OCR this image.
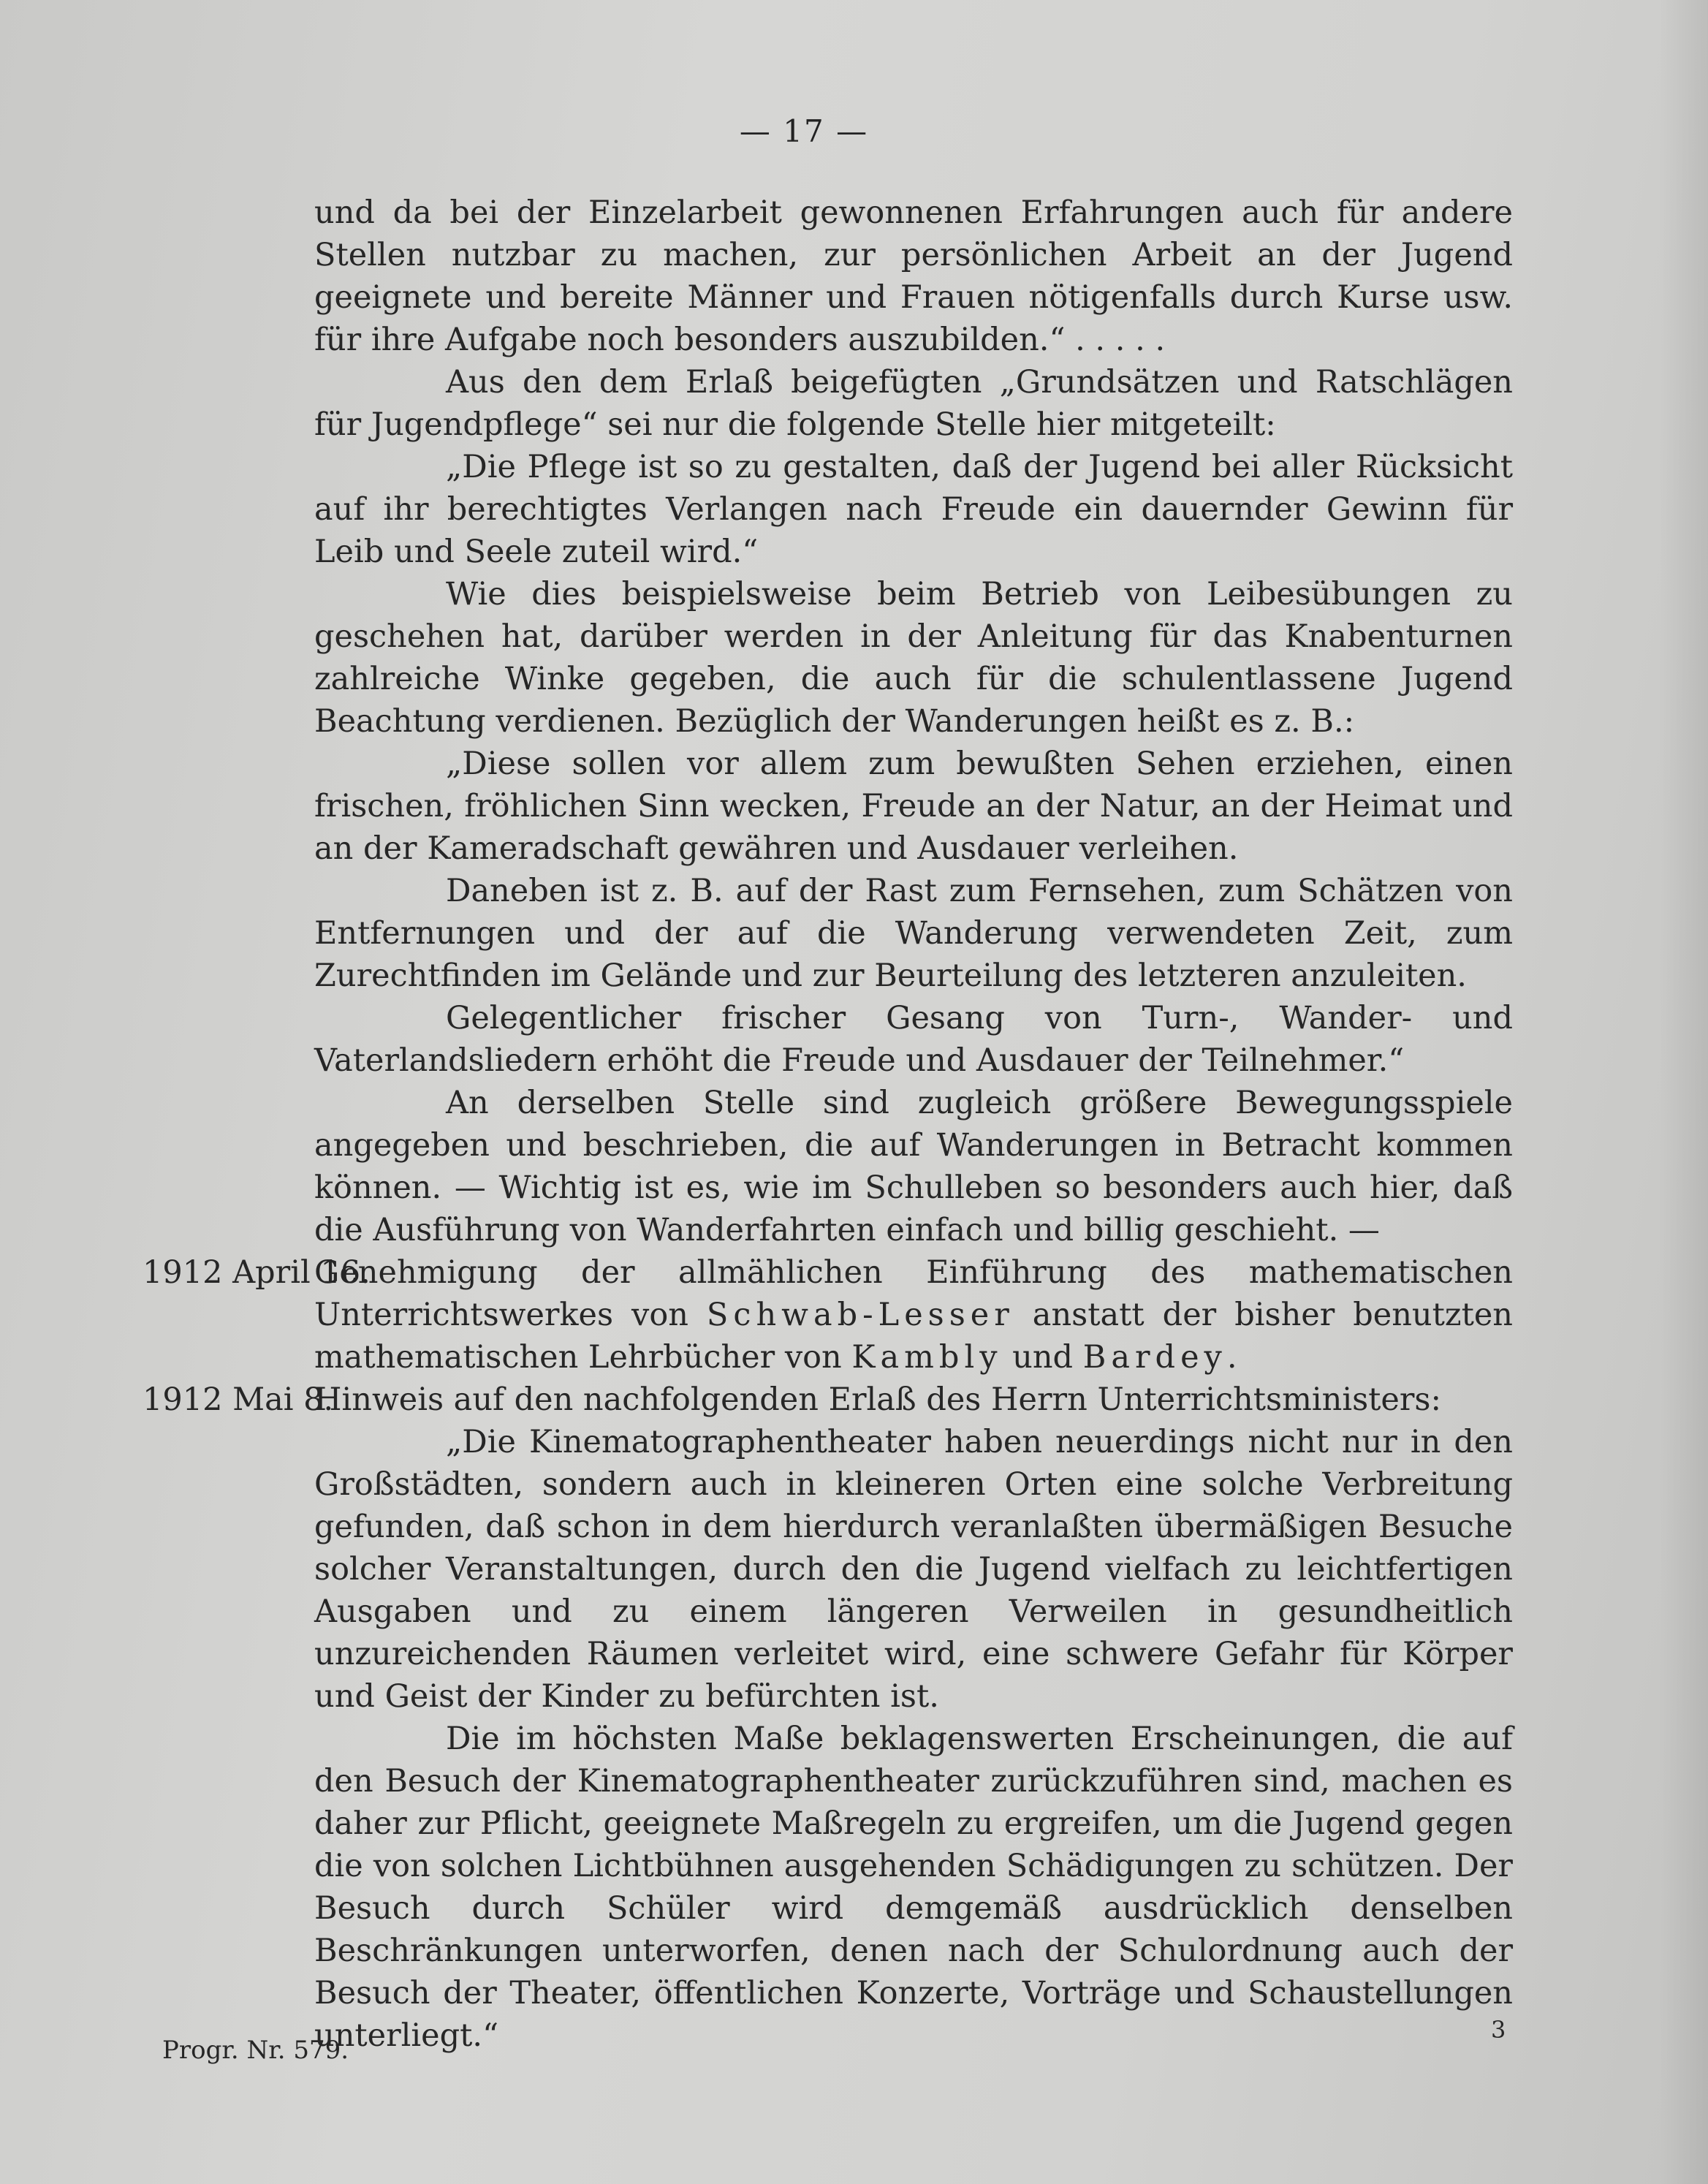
— 17 —

und da bei der Einzelarbeit gewonnenen Erfahrungen auch für andere Stellen nutzbar zu machen, zur persönlichen Arbeit an der Jugend geeignete und bereite Männer und Frauen nötigenfalls durch Kurse usw. für ihre Aufgabe noch besonders auszubilden.“ . . . . .

Aus den dem Erlaß beigefügten „Grundsätzen und Ratschlägen für Jugendpflege“ sei nur die folgende Stelle hier mitgeteilt:

„Die Pflege ist so zu gestalten, daß der Jugend bei aller Rücksicht auf ihr berechtigtes Verlangen nach Freude ein dauernder Gewinn für Leib und Seele zuteil wird.“

Wie dies beispielsweise beim Betrieb von Leibesübungen zu geschehen hat, darüber werden in der Anleitung für das Knabenturnen zahlreiche Winke gegeben, die auch für die schulentlassene Jugend Beachtung verdienen. Bezüglich der Wanderungen heißt es z. B.:

„Diese sollen vor allem zum bewußten Sehen erziehen, einen frischen, fröhlichen Sinn wecken, Freude an der Natur, an der Heimat und an der Kameradschaft gewähren und Ausdauer verleihen.

Daneben ist z. B. auf der Rast zum Fernsehen, zum Schätzen von Entfernungen und der auf die Wanderung verwendeten Zeit, zum Zurechtfinden im Gelände und zur Beurteilung des letzteren anzuleiten.

Gelegentlicher frischer Gesang von Turn-, Wander- und Vaterlandsliedern erhöht die Freude und Ausdauer der Teilnehmer.“

An derselben Stelle sind zugleich größere Bewegungsspiele angegeben und beschrieben, die auf Wanderungen in Betracht kommen können. — Wichtig ist es, wie im Schulleben so besonders auch hier, daß die Ausführung von Wanderfahrten einfach und billig geschieht. —

1912 April 16.
Genehmigung der allmählichen Einführung des mathematischen Unterrichtswerkes von Schwab-Lesser anstatt der bisher benutzten mathematischen Lehrbücher von Kambly und Bardey.

1912 Mai 8.
Hinweis auf den nachfolgenden Erlaß des Herrn Unterrichtsministers:

„Die Kinematographentheater haben neuerdings nicht nur in den Großstädten, sondern auch in kleineren Orten eine solche Verbreitung gefunden, daß schon in dem hierdurch veranlaßten übermäßigen Besuche solcher Veranstaltungen, durch den die Jugend vielfach zu leichtfertigen Ausgaben und zu einem längeren Verweilen in gesundheitlich unzureichenden Räumen verleitet wird, eine schwere Gefahr für Körper und Geist der Kinder zu befürchten ist.

Die im höchsten Maße beklagenswerten Erscheinungen, die auf den Besuch der Kinematographentheater zurückzuführen sind, machen es daher zur Pflicht, geeignete Maßregeln zu ergreifen, um die Jugend gegen die von solchen Lichtbühnen ausgehenden Schädigungen zu schützen. Der Besuch durch Schüler wird demgemäß ausdrücklich denselben Beschränkungen unterworfen, denen nach der Schulordnung auch der Besuch der Theater, öffentlichen Konzerte, Vorträge und Schaustellungen unterliegt.“

Progr. Nr. 579.
3
